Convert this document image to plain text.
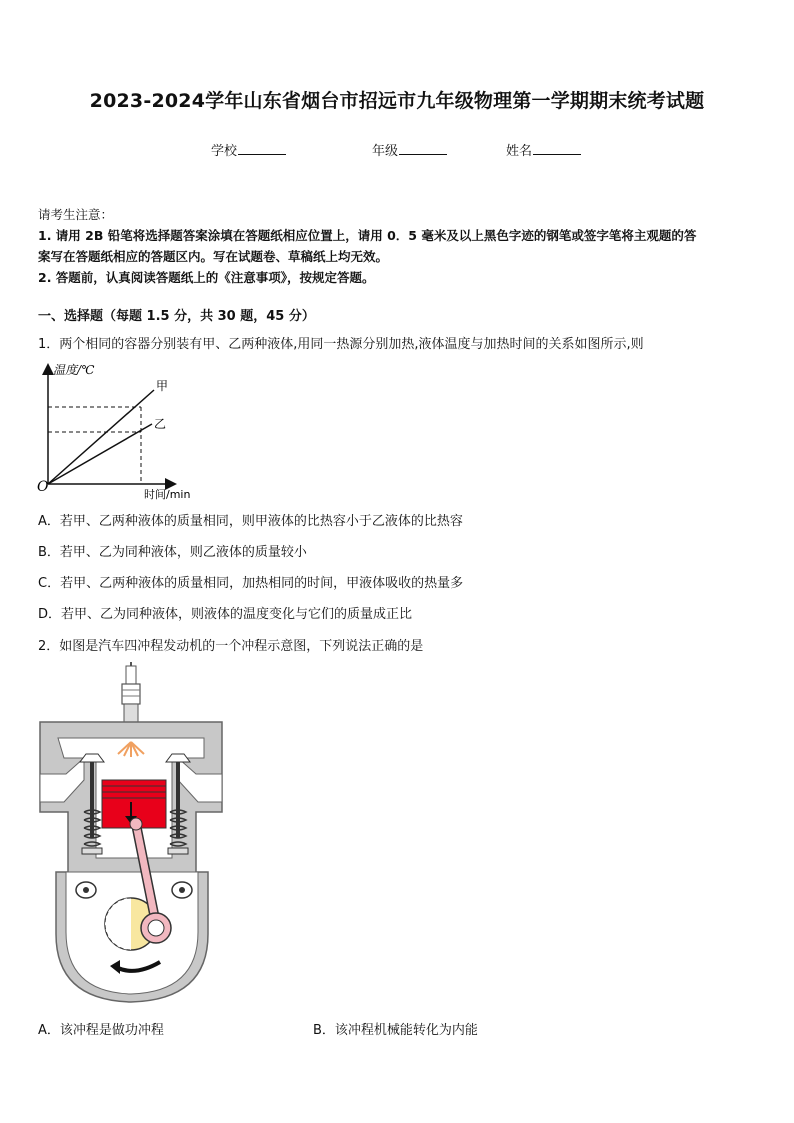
2023-2024学年山东省烟台市招远市九年级物理第一学期期末统考试题
学校	年级	姓名
请考生注意：
1. 请用 2B 铅笔将选择题答案涂填在答题纸相应位置上，请用 0．5 毫米及以上黑色字迹的钢笔或签字笔将主观题的答
案写在答题纸相应的答题区内。写在试题卷、草稿纸上均无效。
2. 答题前，认真阅读答题纸上的《注意事项》，按规定答题。
一、选择题（每题 1.5 分，共 30 题，45 分）
1．两个相同的容器分别装有甲、乙两种液体,用同一热源分别加热,液体温度与加热时间的关系如图所示,则
温度/℃
时间/min
O
甲
乙
A．若甲、乙两种液体的质量相同，则甲液体的比热容小于乙液体的比热容
B．若甲、乙为同种液体，则乙液体的质量较小
C．若甲、乙两种液体的质量相同，加热相同的时间，甲液体吸收的热量多
D．若甲、乙为同种液体，则液体的温度变化与它们的质量成正比
2．如图是汽车四冲程发动机的一个冲程示意图，下列说法正确的是
A．该冲程是做功冲程	B．该冲程机械能转化为内能
